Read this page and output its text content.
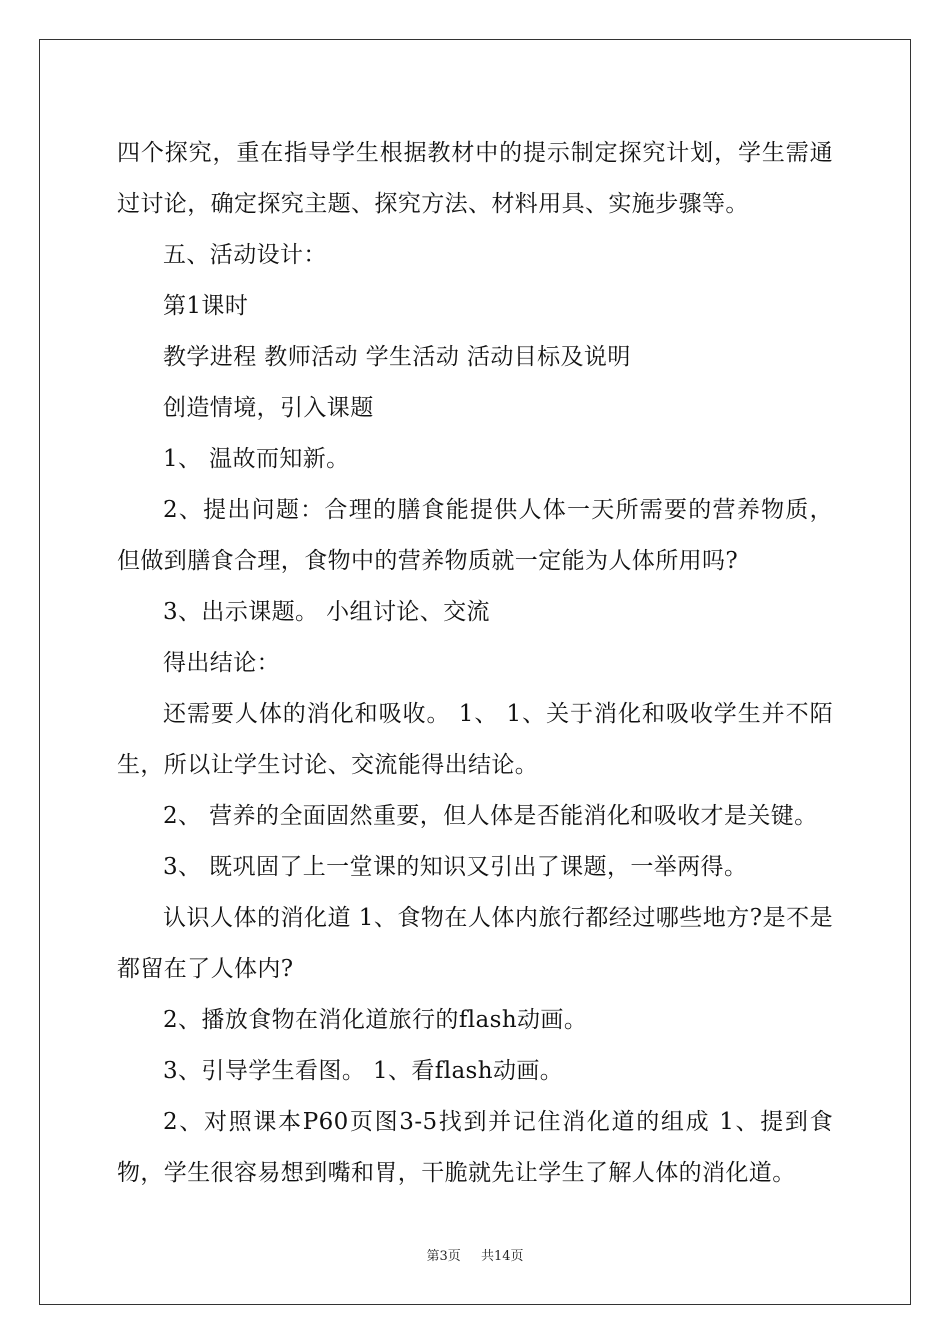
四个探究，重在指导学生根据教材中的提示制定探究计划，学生需通过讨论，确定探究主题、探究方法、材料用具、实施步骤等。

五、活动设计：

第1课时

教学进程 教师活动 学生活动 活动目标及说明

创造情境，引入课题

1、 温故而知新。

2、提出问题：合理的膳食能提供人体一天所需要的营养物质，但做到膳食合理，食物中的营养物质就一定能为人体所用吗?

3、出示课题。 小组讨论、交流

得出结论：

还需要人体的消化和吸收。 1、 1、关于消化和吸收学生并不陌生，所以让学生讨论、交流能得出结论。

2、 营养的全面固然重要，但人体是否能消化和吸收才是关键。

3、 既巩固了上一堂课的知识又引出了课题，一举两得。

认识人体的消化道 1、食物在人体内旅行都经过哪些地方?是不是都留在了人体内?

2、播放食物在消化道旅行的flash动画。

3、引导学生看图。 1、看flash动画。

2、对照课本P60页图3-5找到并记住消化道的组成 1、提到食物，学生很容易想到嘴和胃，干脆就先让学生了解人体的消化道。

第3页 共14页
